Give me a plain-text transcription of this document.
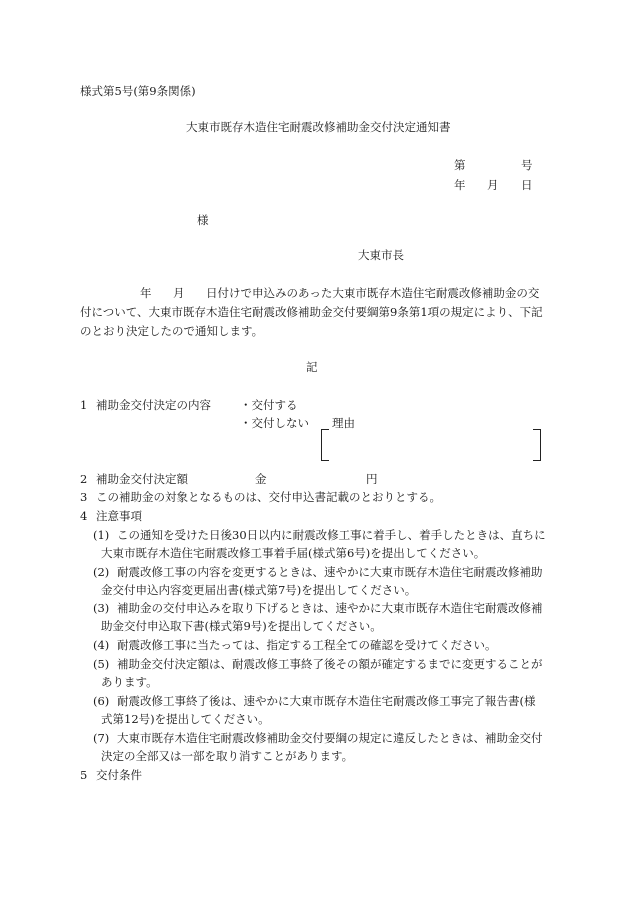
様式第5号(第9条関係)
大東市既存木造住宅耐震改修補助金交付決定通知書
第	号
年 月 日
様
大東市長
年 月 日付けで申込みのあった大東市既存木造住宅耐震改修補助金の交
付について、大東市既存木造住宅耐震改修補助金交付要綱第9条第1項の規定により、下記
のとおり決定したので通知します。
記
1 補助金交付決定の内容	・交付する
・交付しない 理由
2 補助金交付決定額	金	円
3 この補助金の対象となるものは、交付申込書記載のとおりとする。
4 注意事項
(1) この通知を受けた日後30日以内に耐震改修工事に着手し、着手したときは、直ちに
大東市既存木造住宅耐震改修工事着手届(様式第6号)を提出してください。
(2) 耐震改修工事の内容を変更するときは、速やかに大東市既存木造住宅耐震改修補助
金交付申込内容変更届出書(様式第7号)を提出してください。
(3) 補助金の交付申込みを取り下げるときは、速やかに大東市既存木造住宅耐震改修補
助金交付申込取下書(様式第9号)を提出してください。
(4) 耐震改修工事に当たっては、指定する工程全ての確認を受けてください。
(5) 補助金交付決定額は、耐震改修工事終了後その額が確定するまでに変更することが
あります。
(6) 耐震改修工事終了後は、速やかに大東市既存木造住宅耐震改修工事完了報告書(様
式第12号)を提出してください。
(7) 大東市既存木造住宅耐震改修補助金交付要綱の規定に違反したときは、補助金交付
決定の全部又は一部を取り消すことがあります。
5 交付条件
